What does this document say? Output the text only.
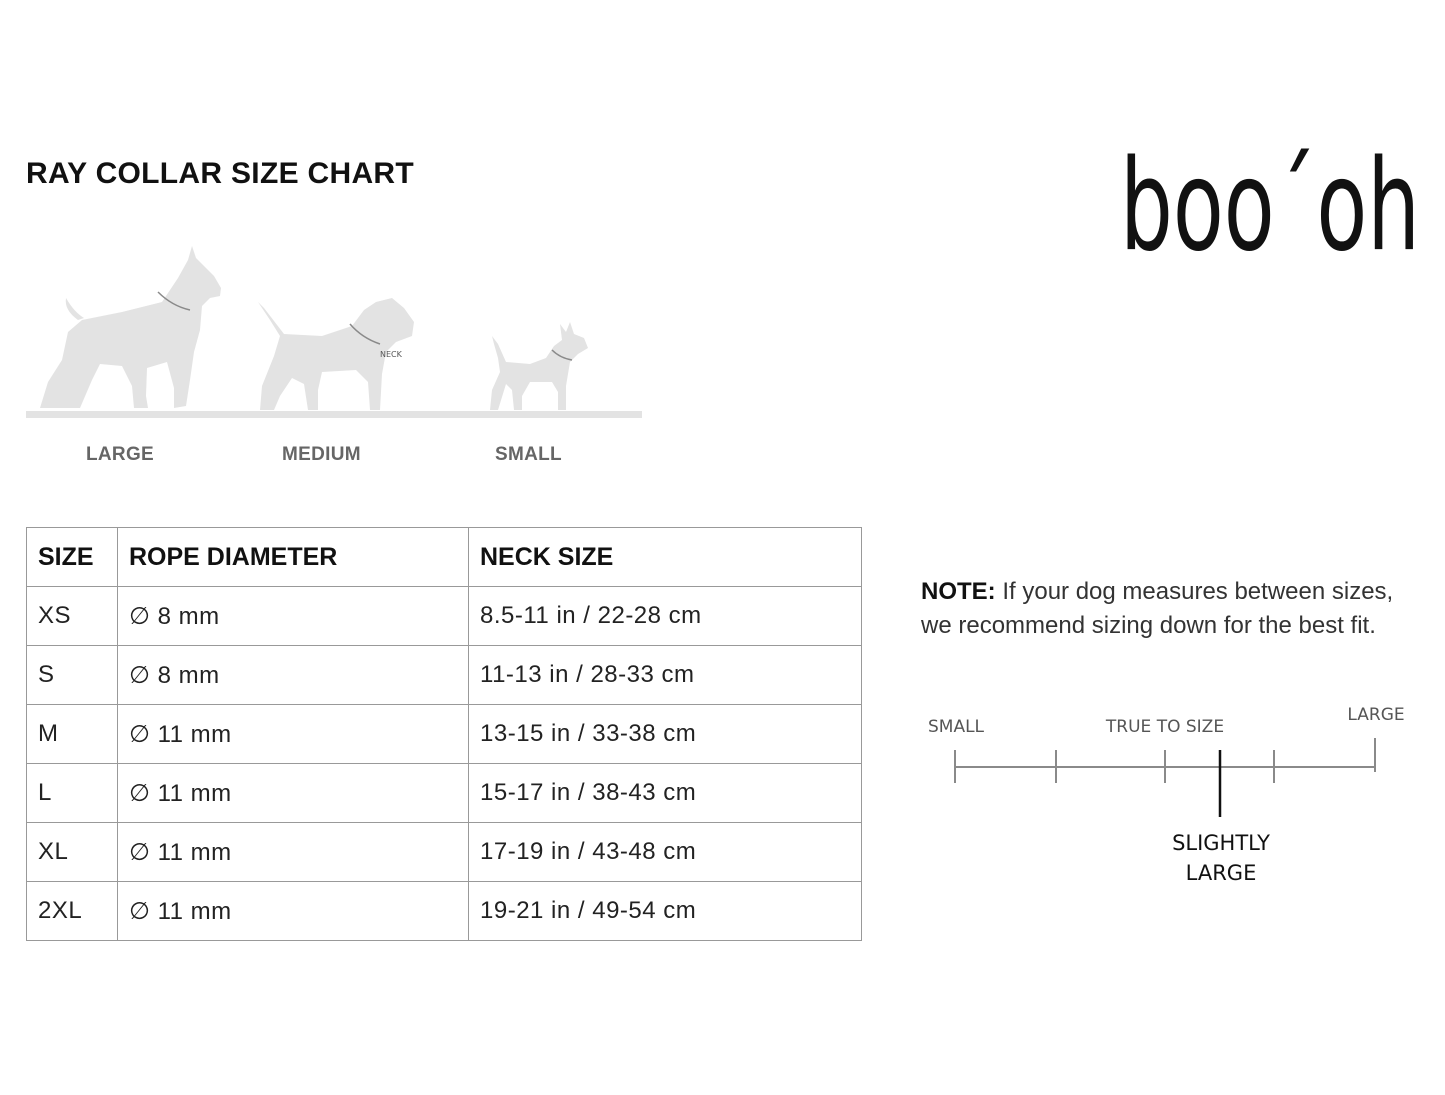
RAY COLLAR SIZE CHART	boo´oh
NECK
LARGE	MEDIUM	SMALL
SIZE	ROPE DIAMETER	NECK SIZE
XS	∅ 8 mm	8.5-11 in / 22-28 cm
S	∅ 8 mm	11-13 in / 28-33 cm
M	∅ 11 mm	13-15 in / 33-38 cm
L	∅ 11 mm	15-17 in / 38-43 cm
XL	∅ 11 mm	17-19 in / 43-48 cm
2XL	∅ 11 mm	19-21 in / 49-54 cm

NOTE: If your dog measures between sizes, we recommend sizing down for the best fit.

SMALL	TRUE TO SIZE
LARGE
SLIGHTLY
LARGE
